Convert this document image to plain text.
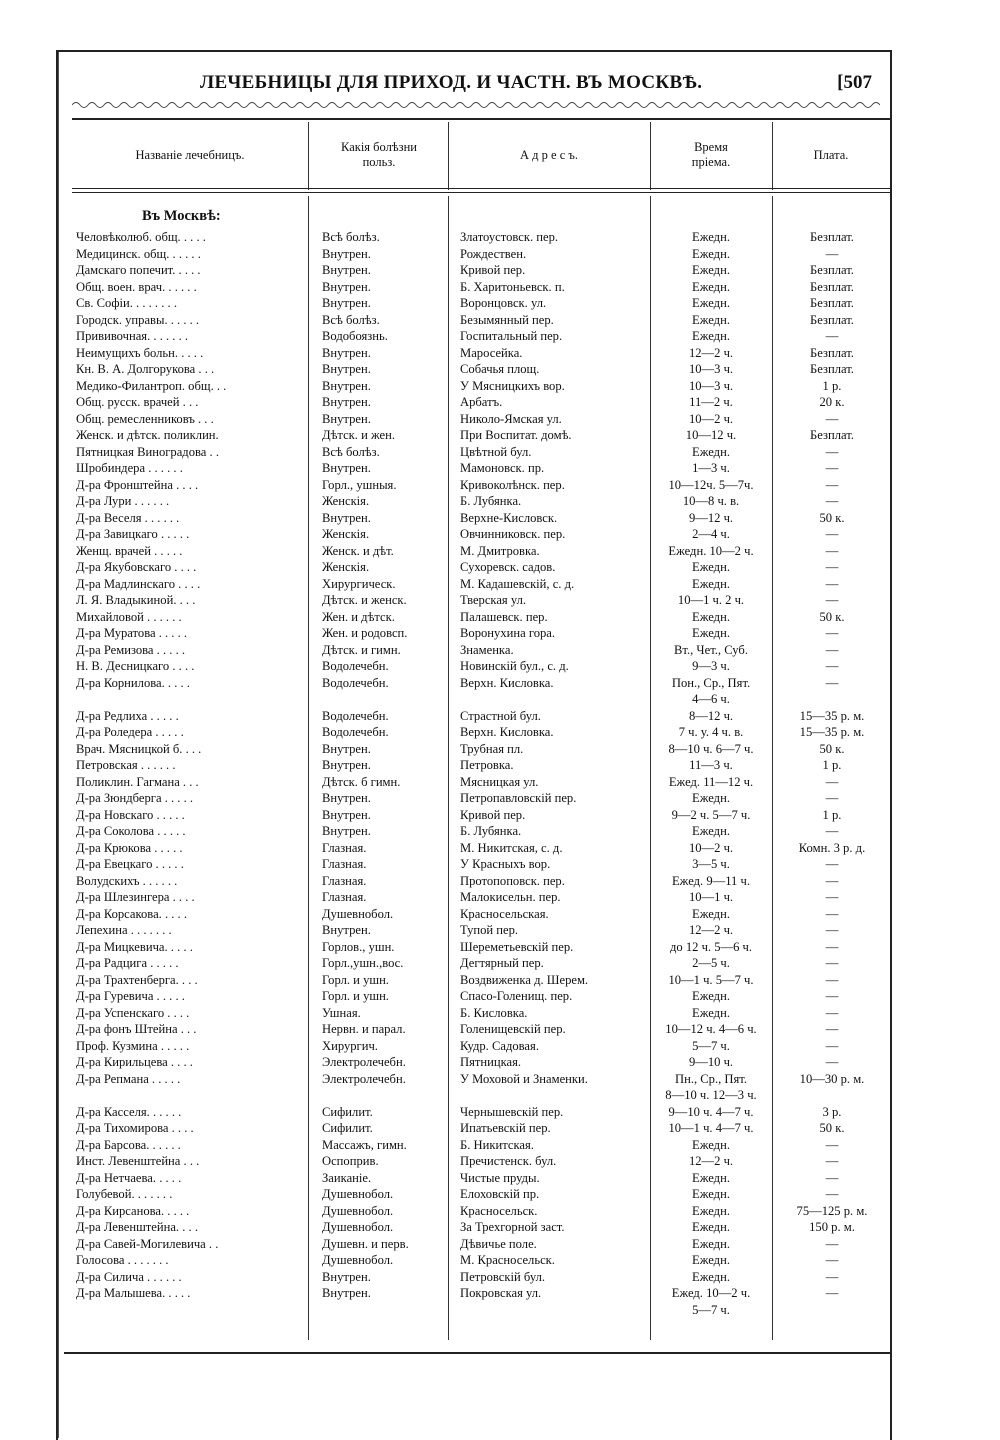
ЛЕЧЕБНИЦЫ ДЛЯ ПРИХОД. И ЧАСТН. ВЪ МОСКВѢ.	[507
Названіе лечебницъ.
Какія болѣзни
польз.
А д р е с ъ.
Время
пріема.
Плата.
Въ Москвѣ:
Человѣколюб. общ. . . . .	Всѣ болѣз.	Златоустовск. пер.	Ежедн.	Безплат.
Медицинск. общ. . . . . .	Внутрен.	Рождествен.	Ежедн.	—
Дамскаго попечит. . . . .	Внутрен.	Кривой пер.	Ежедн.	Безплат.
Общ. воен. врач. . . . . .	Внутрен.	Б. Харитоньевск. п.	Ежедн.	Безплат.
Св. Софіи. . . . . . . .	Внутрен.	Воронцовск. ул.	Ежедн.	Безплат.
Городск. управы. . . . . .	Всѣ болѣз.	Безымянный пер.	Ежедн.	Безплат.
Прививочная. . . . . . .	Водобоязнь.	Госпитальный пер.	Ежедн.	—
Неимущихъ больн. . . . .	Внутрен.	Маросейка.	12—2 ч.	Безплат.
Кн. В. А. Долгорукова . . .	Внутрен.	Собачья площ.	10—3 ч.	Безплат.
Медико-Филантроп. общ. . .	Внутрен.	У Мясницкихъ вор.	10—3 ч.	1 р.
Общ. русск. врачей . . .	Внутрен.	Арбатъ.	11—2 ч.	20 к.
Общ. ремесленниковъ . . .	Внутрен.	Николо-Ямская ул.	10—2 ч.	—
Женск. и дѣтск. поликлин.	Дѣтск. и жен.	При Воспитат. домѣ.	10—12 ч.	Безплат.
Пятницкая Виноградова . .	Всѣ болѣз.	Цвѣтной бул.	Ежедн.	—
Шробиндера . . . . . .	Внутрен.	Мамоновск. пр.	1—3 ч.	—
Д-ра Фронштейна . . . .	Горл., ушныя.	Кривоколѣнск. пер.	10—12ч. 5—7ч.	—
Д-ра Лури . . . . . .	Женскія.	Б. Лубянка.	10—8 ч. в.	—
Д-ра Веселя . . . . . .	Внутрен.	Верхне-Кисловск.	9—12 ч.	50 к.
Д-ра Завицкаго . . . . .	Женскія.	Овчинниковск. пер.	2—4 ч.	—
Женщ. врачей . . . . .	Женск. и дѣт.	М. Дмитровка.	Ежедн. 10—2 ч.	—
Д-ра Якубовскаго . . . .	Женскія.	Сухоревск. садов.	Ежедн.	—
Д-ра Мадлинскаго . . . .	Хирургическ.	М. Кадашевскій, с. д.	Ежедн.	—
Л. Я. Владыкиной. . . .	Дѣтск. и женск.	Тверская ул.	10—1 ч. 2 ч.	—
Михайловой . . . . . .	Жен. и дѣтск.	Палашевск. пер.	Ежедн.	50 к.
Д-ра Муратова . . . . .	Жен. и родовсп.	Воронухина гора.	Ежедн.	—
Д-ра Ремизова . . . . .	Дѣтск. и гимн.	Знаменка.	Вт., Чет., Суб.	—
Н. В. Десницкаго . . . .	Водолечебн.	Новинскій бул., с. д.	9—3 ч.	—
Д-ра Корнилова. . . . .	Водолечебн.	Верхн. Кисловка.	Пон., Ср., Пят.	—
4—6 ч.
Д-ра Редлиха . . . . .	Водолечебн.	Страстной бул.	8—12 ч.	15—35 р. м.
Д-ра Роледера . . . . .	Водолечебн.	Верхн. Кисловка.	7 ч. у. 4 ч. в.	15—35 р. м.
Врач. Мясницкой б. . . .	Внутрен.	Трубная пл.	8—10 ч. 6—7 ч.	50 к.
Петровская . . . . . .	Внутрен.	Петровка.	11—3 ч.	1 р.
Поликлин. Гагмана . . .	Дѣтск. б гимн.	Мясницкая ул.	Ежед. 11—12 ч.	—
Д-ра Зюндберга . . . . .	Внутрен.	Петропавловскій пер.	Ежедн.	—
Д-ра Новскаго . . . . .	Внутрен.	Кривой пер.	9—2 ч. 5—7 ч.	1 р.
Д-ра Соколова . . . . .	Внутрен.	Б. Лубянка.	Ежедн.	—
Д-ра Крюкова . . . . .	Глазная.	М. Никитская, с. д.	10—2 ч.	Комн. 3 р. д.
Д-ра Евецкаго . . . . .	Глазная.	У Красныхъ вор.	3—5 ч.	—
Волудскихъ . . . . . .	Глазная.	Протопоповск. пер.	Ежед. 9—11 ч.	—
Д-ра Шлезингера . . . .	Глазная.	Малокисельн. пер.	10—1 ч.	—
Д-ра Корсакова. . . . .	Душевнобол.	Красносельская.	Ежедн.	—
Лепехина . . . . . . .	Внутрен.	Тупой пер.	12—2 ч.	—
Д-ра Мицкевича. . . . .	Горлов., ушн.	Шереметьевскій пер.	до 12 ч. 5—6 ч.	—
Д-ра Радцига . . . . .	Горл.,ушн.,вос.	Дегтярный пер.	2—5 ч.	—
Д-ра Трахтенберга. . . .	Горл. и ушн.	Воздвиженка д. Шерем.	10—1 ч. 5—7 ч.	—
Д-ра Гуревича . . . . .	Горл. и ушн.	Спасо-Голенищ. пер.	Ежедн.	—
Д-ра Успенскаго . . . .	Ушная.	Б. Кисловка.	Ежедн.	—
Д-ра фонъ Штейна . . .	Нервн. и парал.	Голенищевскій пер.	10—12 ч. 4—6 ч.	—
Проф. Кузмина . . . . .	Хирургич.	Кудр. Садовая.	5—7 ч.	—
Д-ра Кирильцева . . . .	Электролечебн.	Пятницкая.	9—10 ч.	—
Д-ра Репмана . . . . .	Электролечебн.	У Моховой и Знаменки.	Пн., Ср., Пят.	10—30 р. м.
8—10 ч. 12—3 ч.
Д-ра Касселя. . . . . .	Сифилит.	Чернышевскій пер.	9—10 ч. 4—7 ч.	3 р.
Д-ра Тихомирова . . . .	Сифилит.	Ипатьевскій пер.	10—1 ч. 4—7 ч.	50 к.
Д-ра Барсова. . . . . .	Массажъ, гимн.	Б. Никитская.	Ежедн.	—
Инст. Левенштейна . . .	Оспоприв.	Пречистенск. бул.	12—2 ч.	—
Д-ра Нетчаева. . . . .	Заиканіе.	Чистые пруды.	Ежедн.	—
Голубевой. . . . . . .	Душевнобол.	Елоховскій пр.	Ежедн.	—
Д-ра Кирсанова. . . . .	Душевнобол.	Красносельск.	Ежедн.	75—125 р. м.
Д-ра Левенштейна. . . .	Душевнобол.	За Трехгорной заст.	Ежедн.	150 р. м.
Д-ра Савей-Могилевича . .	Душевн. и перв.	Дѣвичье поле.	Ежедн.	—
Голосова . . . . . . .	Душевнобол.	М. Красносельск.	Ежедн.	—
Д-ра Силича . . . . . .	Внутрен.	Петровскій бул.	Ежедн.	—
Д-ра Малышева. . . . .	Внутрен.	Покровская ул.	Ежед. 10—2 ч.	—
5—7 ч.
